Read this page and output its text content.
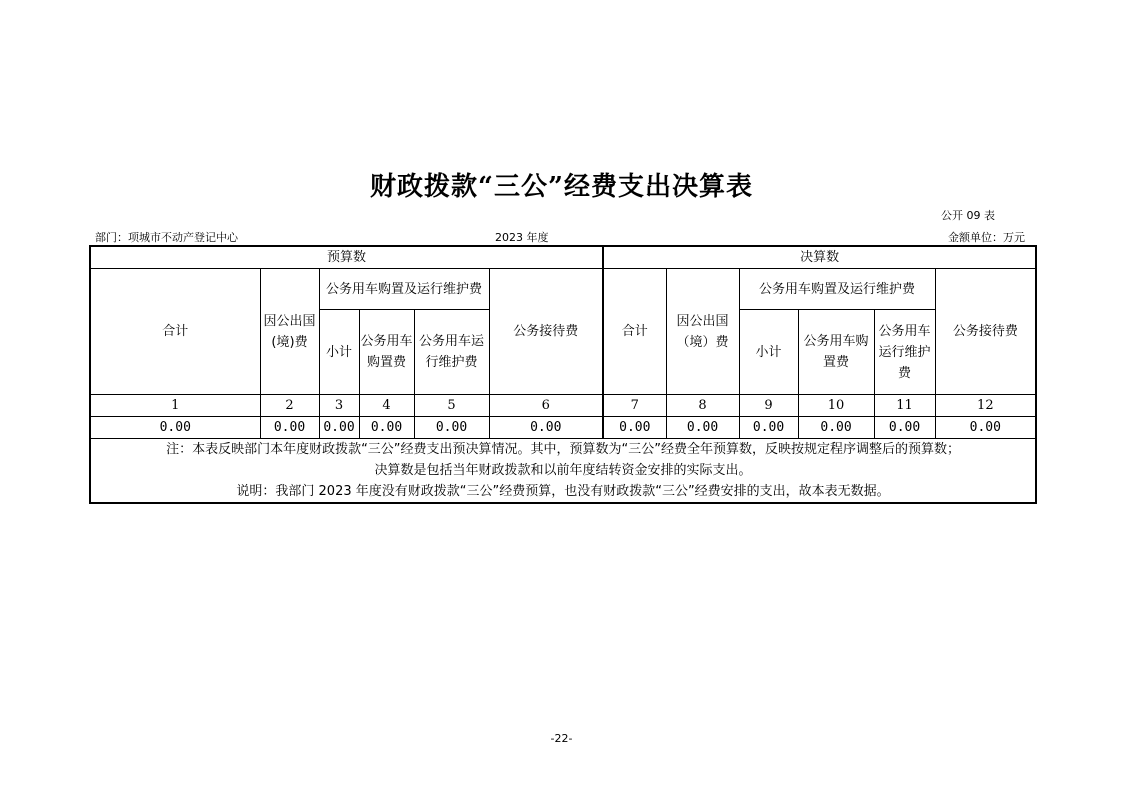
财政拨款“三公”经费支出决算表
公开 09 表
部门：项城市不动产登记中心	2023 年度	金额单位：万元
预算数						决算数					
合计	因公出国(境)费	公务用车购置及运行维护费			公务接待费	合计	因公出国（境）费	公务用车购置及运行维护费			公务接待费
		小计	公务用车购置费	公务用车运行维护费				小计	公务用车购置费	公务用车运行维护费	
1	2	3	4	5	6	7	8	9	10	11	12
0.00	0.00	0.00	0.00	0.00	0.00	0.00	0.00	0.00	0.00	0.00	0.00

注：本表反映部门本年度财政拨款“三公”经费支出预决算情况。其中，预算数为“三公”经费全年预算数，反映按规定程序调整后的预算数；
决算数是包括当年财政拨款和以前年度结转资金安排的实际支出。
说明：我部门 2023 年度没有财政拨款“三公”经费预算，也没有财政拨款“三公”经费安排的支出，故本表无数据。											
-22-
